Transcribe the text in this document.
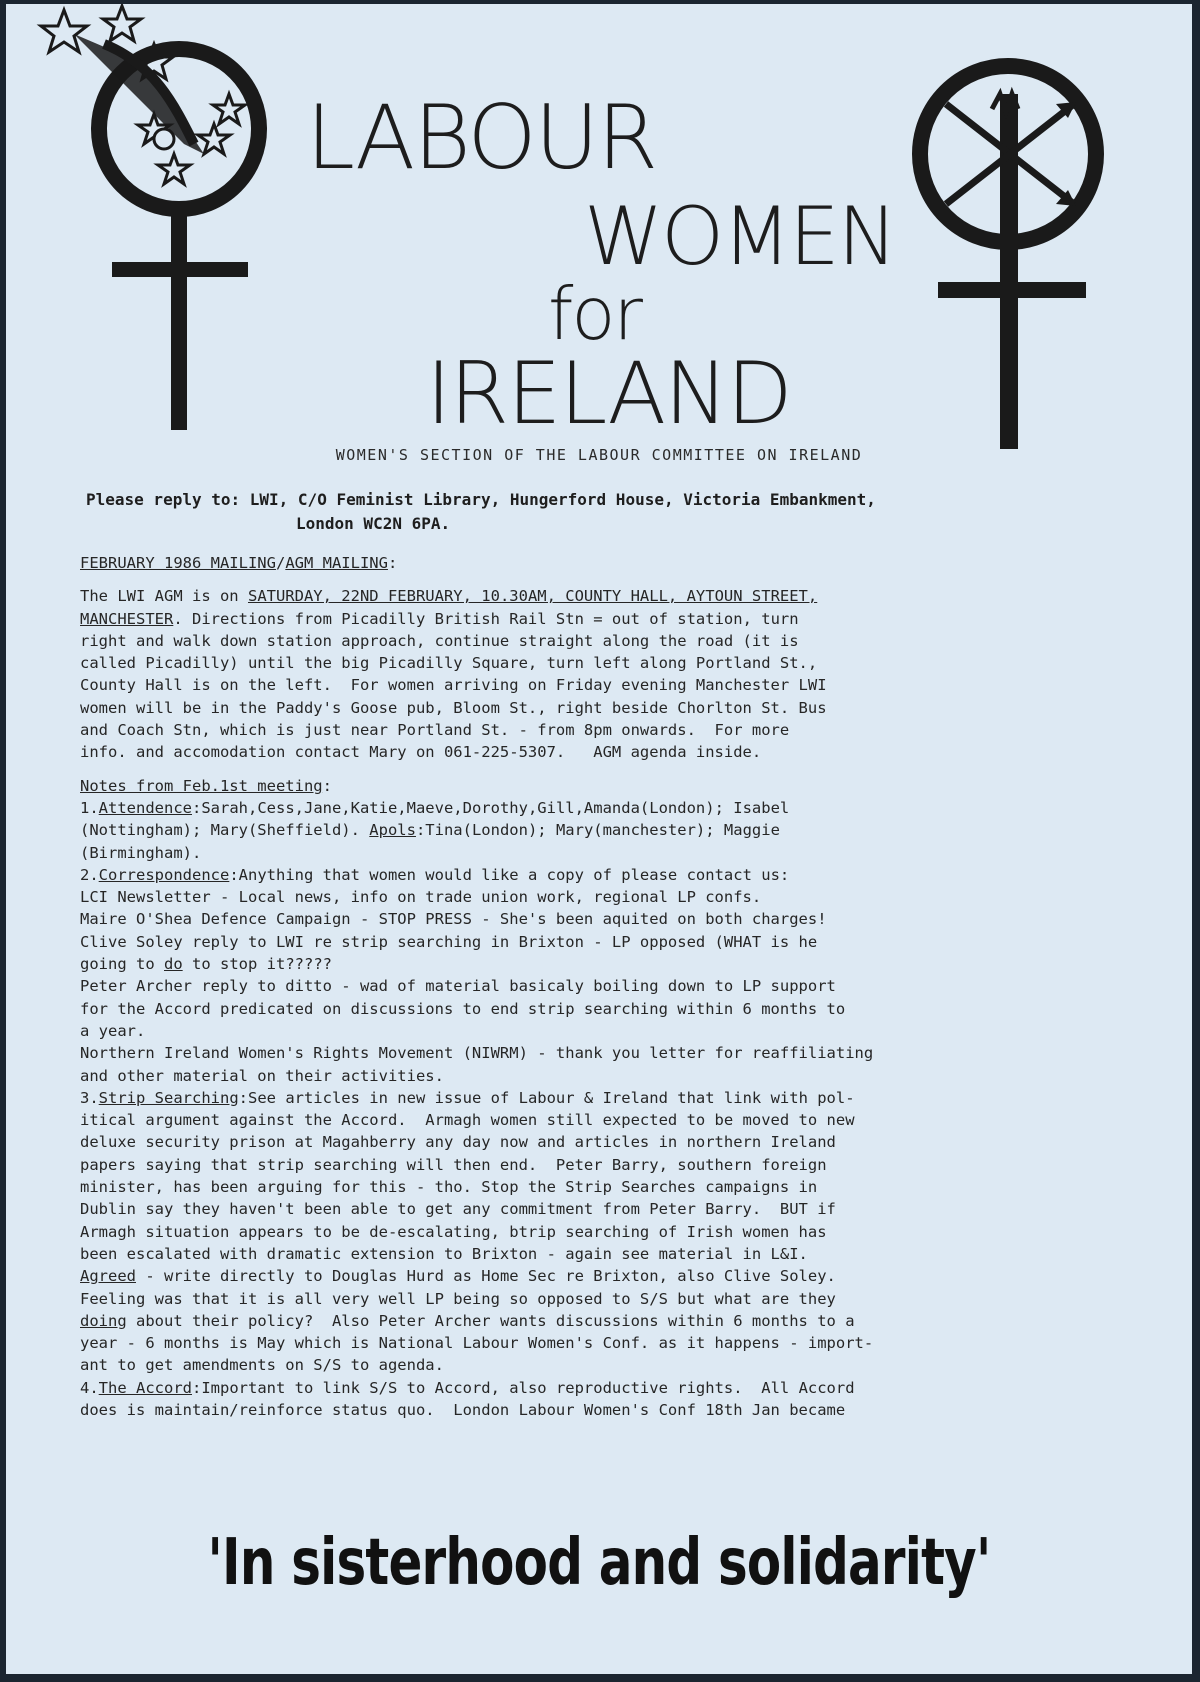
LABOUR
WOMEN
for
IRELAND
WOMEN'S SECTION OF THE LABOUR COMMITTEE ON IRELAND
Please reply to: LWI, C/O Feminist Library, Hungerford House, Victoria Embankment,
London WC2N 6PA.

FEBRUARY 1986 MAILING/AGM MAILING:

The LWI AGM is on SATURDAY, 22ND FEBRUARY, 10.30AM, COUNTY HALL, AYTOUN STREET,

MANCHESTER. Directions from Picadilly British Rail Stn = out of station, turn

right and walk down station approach, continue straight along the road (it is

called Picadilly) until the big Picadilly Square, turn left along Portland St.,

County Hall is on the left.  For women arriving on Friday evening Manchester LWI

women will be in the Paddy's Goose pub, Bloom St., right beside Chorlton St. Bus

and Coach Stn, which is just near Portland St. - from 8pm onwards.  For more

info. and accomodation contact Mary on 061-225-5307.   AGM agenda inside.

Notes from Feb.1st meeting:

1.Attendence:Sarah,Cess,Jane,Katie,Maeve,Dorothy,Gill,Amanda(London); Isabel

(Nottingham); Mary(Sheffield). Apols:Tina(London); Mary(manchester); Maggie

(Birmingham).

2.Correspondence:Anything that women would like a copy of please contact us:

LCI Newsletter - Local news, info on trade union work, regional LP confs.

Maire O'Shea Defence Campaign - STOP PRESS - She's been aquited on both charges!

Clive Soley reply to LWI re strip searching in Brixton - LP opposed (WHAT is he

going to do to stop it?????

Peter Archer reply to ditto - wad of material basicaly boiling down to LP support

for the Accord predicated on discussions to end strip searching within 6 months to

a year.

Northern Ireland Women's Rights Movement (NIWRM) - thank you letter for reaffiliating

and other material on their activities.

3.Strip Searching:See articles in new issue of Labour & Ireland that link with pol-

itical argument against the Accord.  Armagh women still expected to be moved to new

deluxe security prison at Magahberry any day now and articles in northern Ireland

papers saying that strip searching will then end.  Peter Barry, southern foreign

minister, has been arguing for this - tho. Stop the Strip Searches campaigns in

Dublin say they haven't been able to get any commitment from Peter Barry.  BUT if

Armagh situation appears to be de-escalating, btrip searching of Irish women has

been escalated with dramatic extension to Brixton - again see material in L&I.

Agreed - write directly to Douglas Hurd as Home Sec re Brixton, also Clive Soley.

Feeling was that it is all very well LP being so opposed to S/S but what are they

doing about their policy?  Also Peter Archer wants discussions within 6 months to a

year - 6 months is May which is National Labour Women's Conf. as it happens - import-

ant to get amendments on S/S to agenda.

4.The Accord:Important to link S/S to Accord, also reproductive rights.  All Accord

does is maintain/reinforce status quo.  London Labour Women's Conf 18th Jan became

'In sisterhood and solidarity'
